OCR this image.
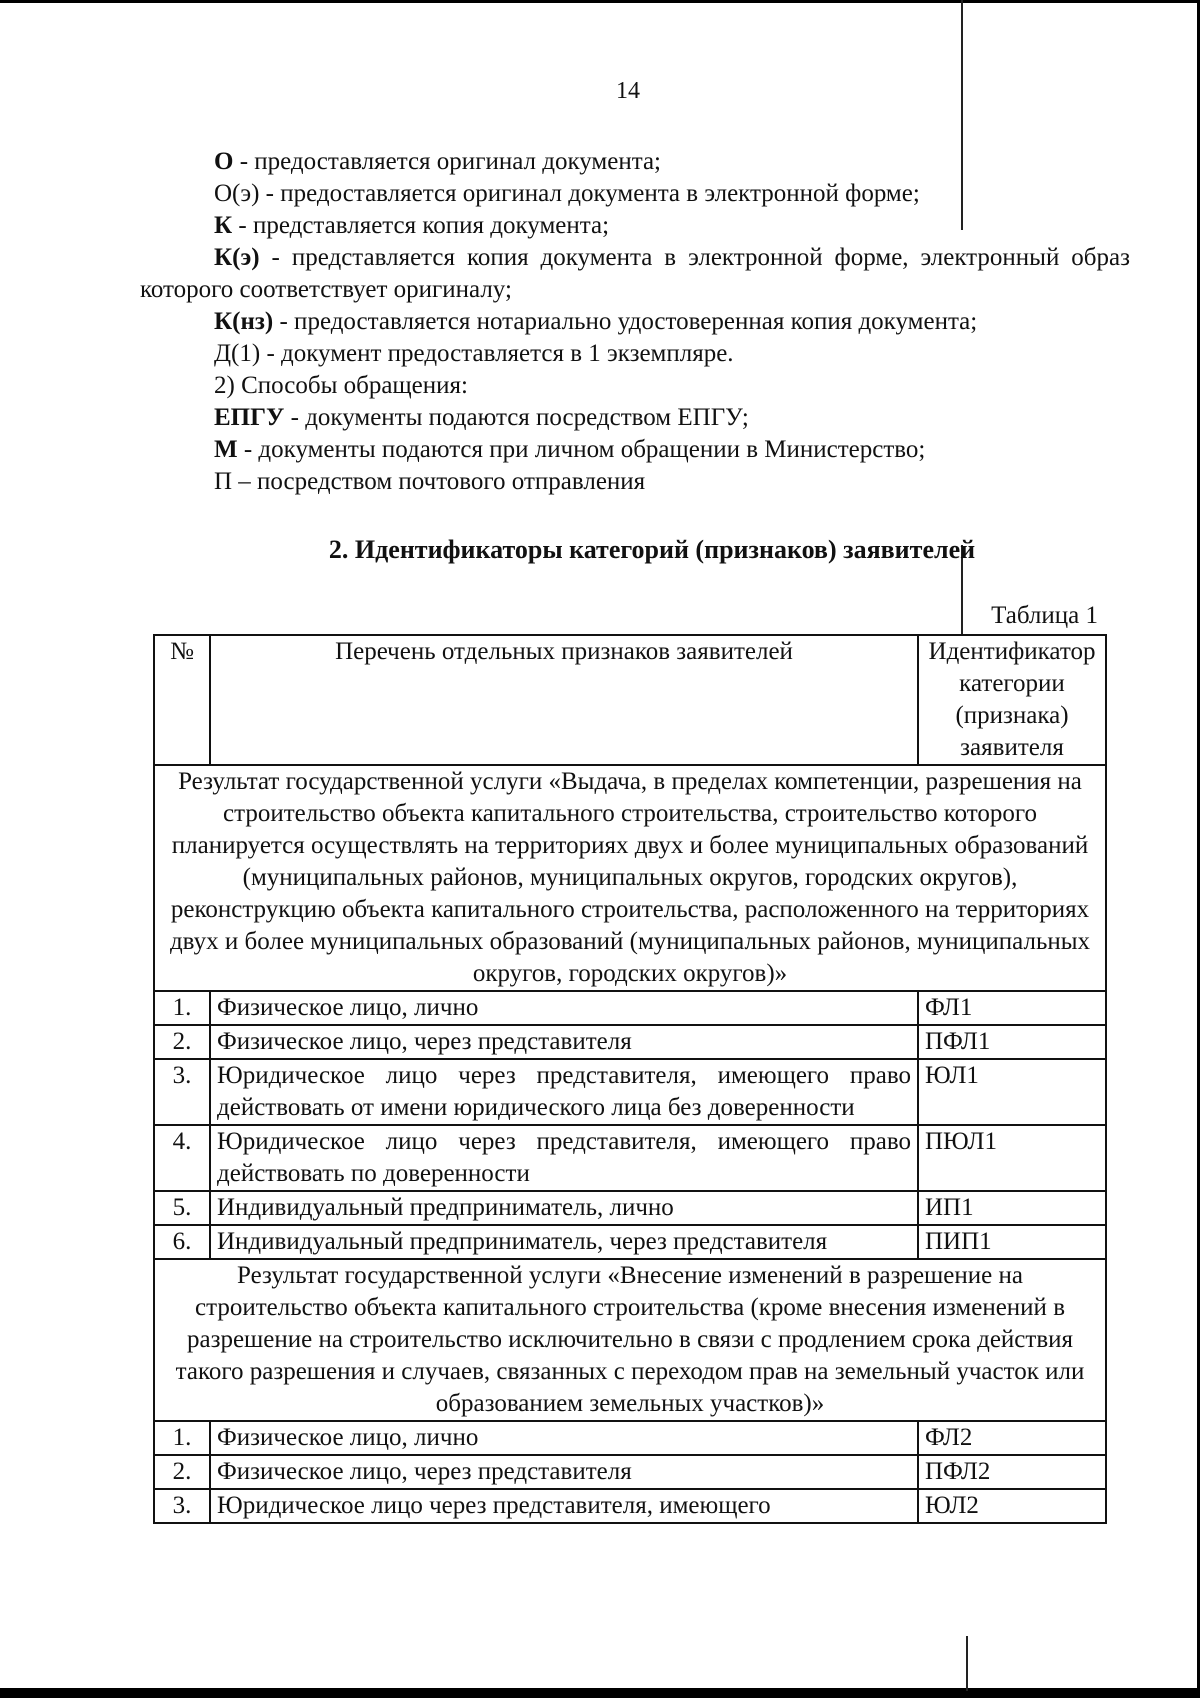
14

О - предоставляется оригинал документа;

О(э) - предоставляется оригинал документа в электронной форме;

К - представляется копия документа;

К(э) - представляется копия документа в электронной форме, электронный образ которого соответствует оригиналу;

К(нз) - предоставляется нотариально удостоверенная копия документа;

Д(1) - документ предоставляется в 1 экземпляре.

2) Способы обращения:

ЕПГУ - документы подаются посредством ЕПГУ;

М - документы подаются при личном обращении в Министерство;

П – посредством почтового отправления

2. Идентификаторы категорий (признаков) заявителей
Таблица 1
№	Перечень отдельных признаков заявителей	Идентификатор категории (признака) заявителя
Результат государственной услуги «Выдача, в пределах компетенции, разрешения на строительство объекта капитального строительства, строительство которого планируется осуществлять на территориях двух и более муниципальных образований (муниципальных районов, муниципальных округов, городских округов), реконструкцию объекта капитального строительства, расположенного на территориях двух и более муниципальных образований (муниципальных районов, муниципальных округов, городских округов)»		
1.	Физическое лицо, лично	ФЛ1
2.	Физическое лицо, через представителя	ПФЛ1
3.	Юридическое лицо через представителя, имеющего право действовать от имени юридического лица без доверенности	ЮЛ1
4.	Юридическое лицо через представителя, имеющего право действовать по доверенности	ПЮЛ1
5.	Индивидуальный предприниматель, лично	ИП1
6.	Индивидуальный предприниматель, через представителя	ПИП1
Результат государственной услуги «Внесение изменений в разрешение на строительство объекта капитального строительства (кроме внесения изменений в разрешение на строительство исключительно в связи с продлением срока действия такого разрешения и случаев, связанных с переходом прав на земельный участок или образованием земельных участков)»		
1.	Физическое лицо, лично	ФЛ2
2.	Физическое лицо, через представителя	ПФЛ2
3.	Юридическое лицо через представителя, имеющего	ЮЛ2
